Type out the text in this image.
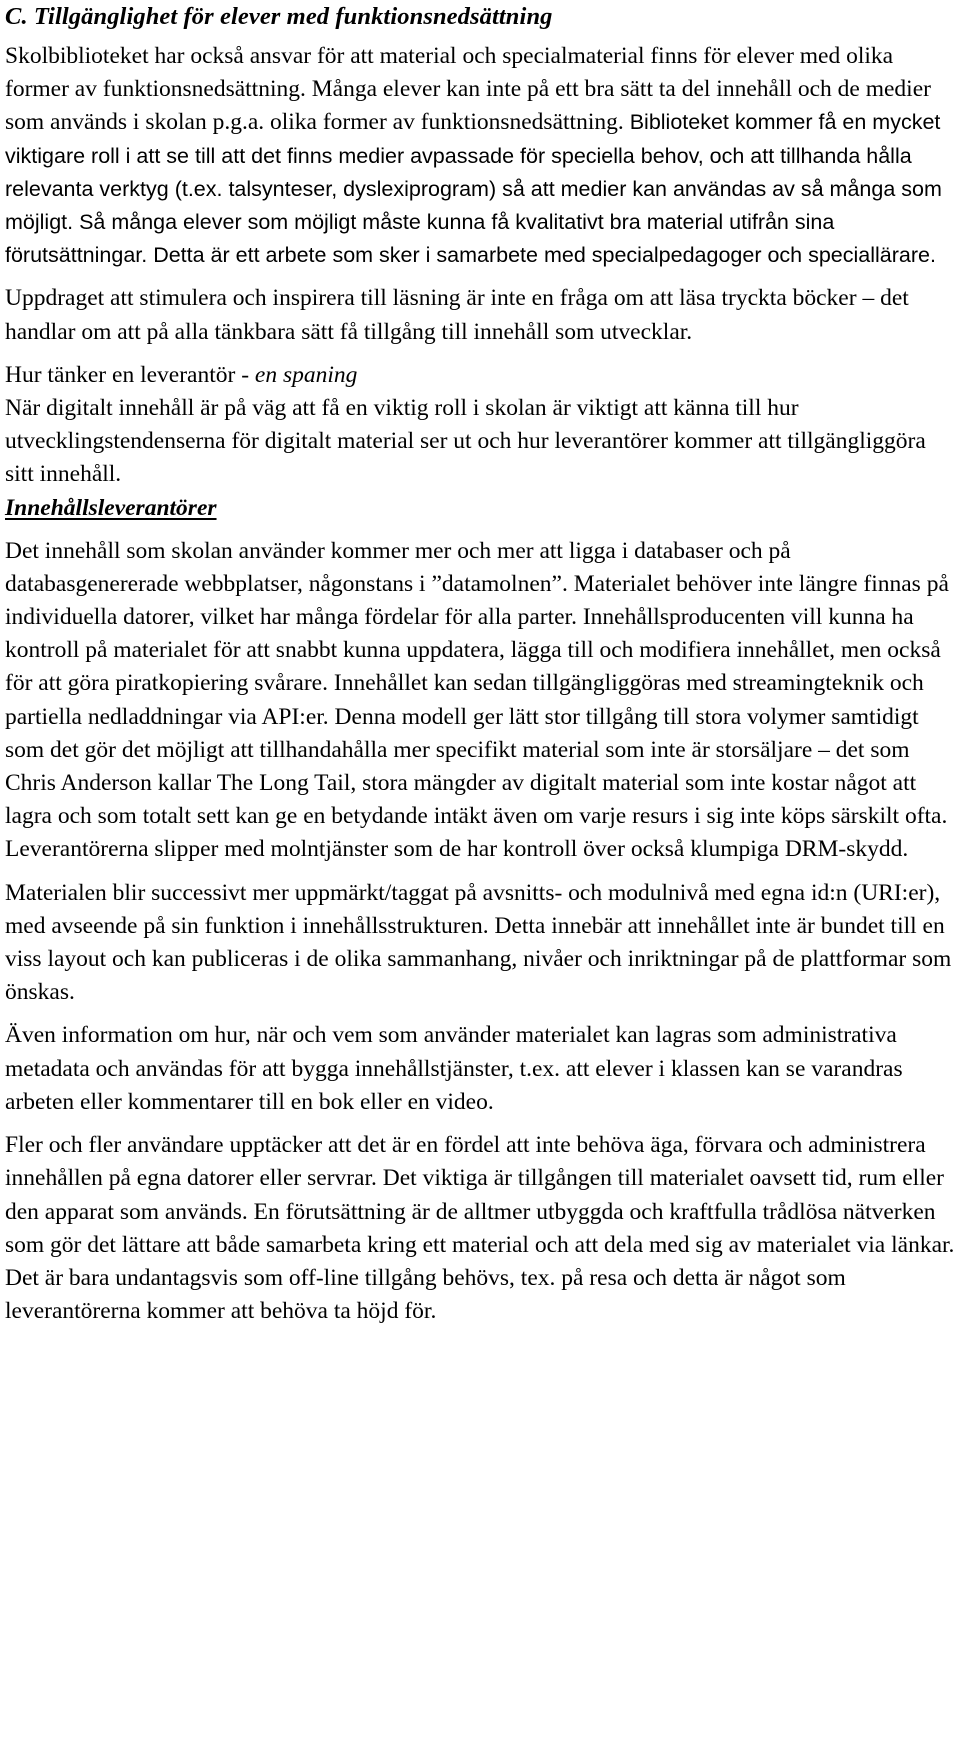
C. Tillgänglighet för elever med funktionsnedsättning

Skolbiblioteket har också ansvar för att material och specialmaterial finns för elever med olika former av funktionsnedsättning. Många elever kan inte på ett bra sätt ta del innehåll och de medier som används i skolan p.g.a. olika former av funktionsnedsättning. Biblioteket kommer få en mycket viktigare roll i att se till att det finns medier avpassade för speciella behov, och att tillhanda hålla relevanta verktyg (t.ex. talsynteser, dyslexiprogram) så att medier kan användas av så många som möjligt. Så många elever som möjligt måste kunna få kvalitativt bra material utifrån sina förutsättningar. Detta är ett arbete som sker i samarbete med specialpedagoger och speciallärare.

Uppdraget att stimulera och inspirera till läsning är inte en fråga om att läsa tryckta böcker – det handlar om att på alla tänkbara sätt få tillgång till innehåll som utvecklar.

Hur tänker en leverantör - en spaning
När digitalt innehåll är på väg att få en viktig roll i skolan är viktigt att känna till hur utvecklingstendenserna för digitalt material ser ut och hur leverantörer kommer att tillgängliggöra sitt innehåll.

Innehållsleverantörer

Det innehåll som skolan använder kommer mer och mer att ligga i databaser och på databasgenererade webbplatser, någonstans i ”datamolnen”. Materialet behöver inte längre finnas på individuella datorer, vilket har många fördelar för alla parter. Innehållsproducenten vill kunna ha kontroll på materialet för att snabbt kunna uppdatera, lägga till och modifiera innehållet, men också för att göra piratkopiering svårare. Innehållet kan sedan tillgängliggöras med streamingteknik och partiella nedladdningar via API:er. Denna modell ger lätt stor tillgång till stora volymer samtidigt som det gör det möjligt att tillhandahålla mer specifikt material som inte är storsäljare – det som Chris Anderson kallar The Long Tail, stora mängder av digitalt material som inte kostar något att lagra och som totalt sett kan ge en betydande intäkt även om varje resurs i sig inte köps särskilt ofta. Leverantörerna slipper med molntjänster som de har kontroll över också klumpiga DRM-skydd.

Materialen blir successivt mer uppmärkt/taggat på avsnitts- och modulnivå med egna id:n (URI:er), med avseende på sin funktion i innehållsstrukturen. Detta innebär att innehållet inte är bundet till en viss layout och kan publiceras i de olika sammanhang, nivåer och inriktningar på de plattformar som önskas.

Även information om hur, när och vem som använder materialet kan lagras som administrativa metadata och användas för att bygga innehållstjänster, t.ex. att elever i klassen kan se varandras arbeten eller kommentarer till en bok eller en video.

Fler och fler användare upptäcker att det är en fördel att inte behöva äga, förvara och administrera innehållen på egna datorer eller servrar. Det viktiga är tillgången till materialet oavsett tid, rum eller den apparat som används. En förutsättning är de alltmer utbyggda och kraftfulla trådlösa nätverken som gör det lättare att både samarbeta kring ett material och att dela med sig av materialet via länkar. Det är bara undantagsvis som off-line tillgång behövs, tex. på resa och detta är något som leverantörerna kommer att behöva ta höjd för.
